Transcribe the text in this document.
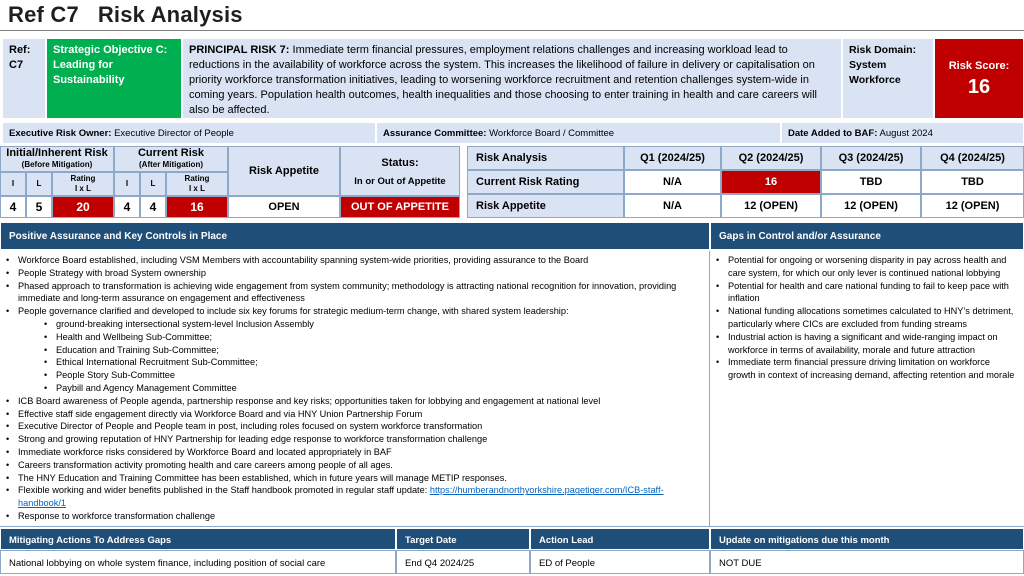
Ref C7 Risk Analysis
Ref:
C7
Strategic Objective C: Leading for Sustainability
PRINCIPAL RISK 7: Immediate term financial pressures, employment relations challenges and increasing workload lead to reductions in the availability of workforce across the system. This increases the likelihood of failure in delivery or capitalisation on priority workforce transformation initiatives, leading to worsening workforce recruitment and retention challenges system-wide in coming years. Population health outcomes, health inequalities and those choosing to enter training in health and care careers will also be affected.
Risk Domain:
System Workforce
Risk Score:
16
Executive Risk Owner: Executive Director of People	Assurance Committee: Workforce Board / Committee	Date Added to BAF: August 2024
Initial/Inherent Risk
(Before Mitigation)
Current Risk
(After Mitigation)	Risk Appetite
Status:
In or Out of Appetite
I	L
Rating
I x L
I	L
Rating
I x L
4	5	20	4	4	16	OPEN	OUT OF APPETITE
Risk Analysis	Q1 (2024/25)	Q2 (2024/25)	Q3 (2024/25)	Q4 (2024/25)
Current Risk Rating	N/A	16	TBD	TBD
Risk Appetite	N/A	12 (OPEN)	12 (OPEN)	12 (OPEN)
Positive Assurance and Key Controls in Place	Gaps in Control and/or Assurance
• Workforce Board established, including VSM Members with accountability spanning system-wide priorities, providing assurance to the Board
• People Strategy with broad System ownership
• Phased approach to transformation is achieving wide engagement from system community; methodology is attracting national recognition for innovation, providing immediate and long-term assurance on engagement and effectiveness
• People governance clarified and developed to include six key forums for strategic medium-term change, with shared system leadership:
• ground-breaking intersectional system-level Inclusion Assembly
• Health and Wellbeing Sub-Committee;
• Education and Training Sub-Committee;
• Ethical International Recruitment Sub-Committee;
• People Story Sub-Committee
• Paybill and Agency Management Committee
• ICB Board awareness of People agenda, partnership response and key risks; opportunities taken for lobbying and engagement at national level
• Effective staff side engagement directly via Workforce Board and via HNY Union Partnership Forum
• Executive Director of People and People team in post, including roles focused on system workforce transformation
• Strong and growing reputation of HNY Partnership for leading edge response to workforce transformation challenge
• Immediate workforce risks considered by Workforce Board and located appropriately in BAF
• Careers transformation activity promoting health and care careers among people of all ages.
• The HNY Education and Training Committee has been established, which in future years will manage METIP responses.
• Flexible working and wider benefits published in the Staff handbook promoted in regular staff update: https://humberandnorthyorkshire.pagetiger.com/ICB-staff-handbook/1
• Response to workforce transformation challenge
• Potential for ongoing or worsening disparity in pay across health and care system, for which our only lever is continued national lobbying
• Potential for health and care national funding to fail to keep pace with inflation
• National funding allocations sometimes calculated to HNY’s detriment, particularly where CICs are excluded from funding streams
• Industrial action is having a significant and wide-ranging impact on workforce in terms of availability, morale and future attraction
• Immediate term financial pressure driving limitation on workforce growth in context of increasing demand, affecting retention and morale
Mitigating Actions To Address Gaps	Target Date	Action Lead	Update on mitigations due this month
National lobbying on whole system finance, including position of social care	End Q4 2024/25	ED of People	NOT DUE
